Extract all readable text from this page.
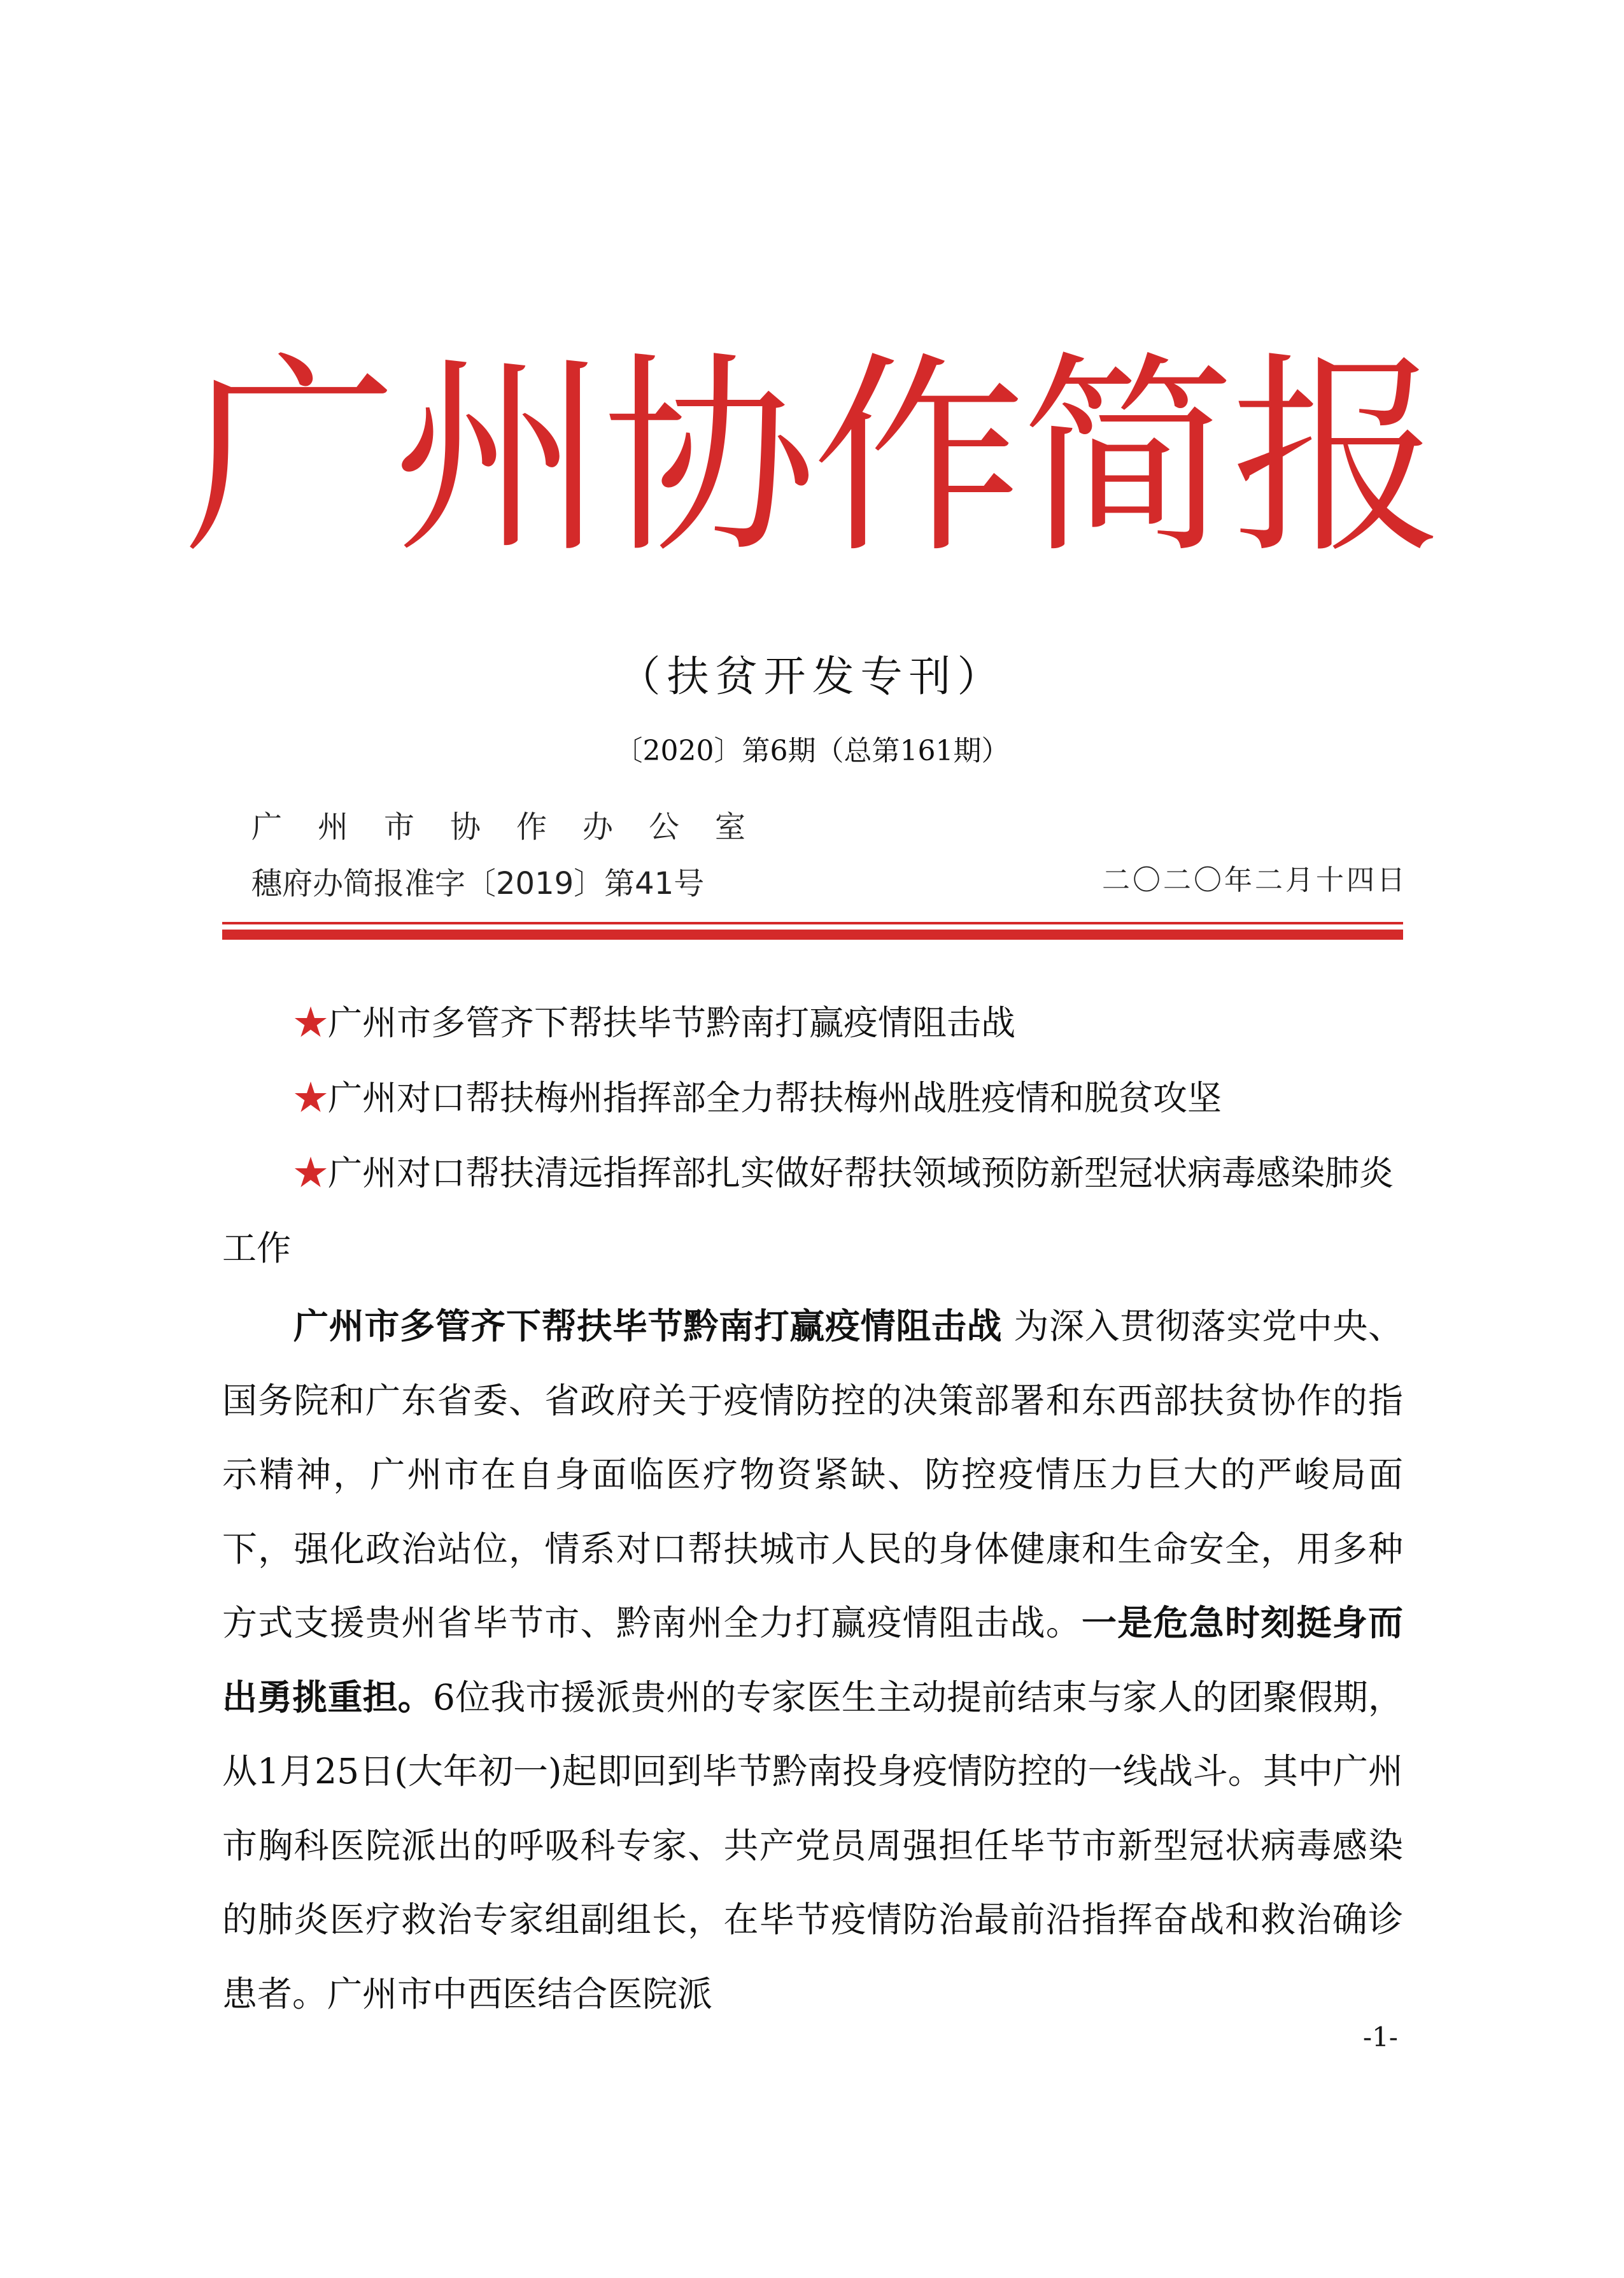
广州协作简报
（扶贫开发专刊）
〔2020〕第6期（总第161期）
广州市协作办公室
穗府办简报准字〔2019〕第41号	二〇二〇年二月十四日

★广州市多管齐下帮扶毕节黔南打赢疫情阻击战

★广州对口帮扶梅州指挥部全力帮扶梅州战胜疫情和脱贫攻坚

★广州对口帮扶清远指挥部扎实做好帮扶领域预防新型冠状病毒感染肺炎工作

广州市多管齐下帮扶毕节黔南打赢疫情阻击战 为深入贯彻落实党中央、国务院和广东省委、省政府关于疫情防控的决策部署和东西部扶贫协作的指示精神，广州市在自身面临医疗物资紧缺、防控疫情压力巨大的严峻局面下，强化政治站位，情系对口帮扶城市人民的身体健康和生命安全，用多种方式支援贵州省毕节市、黔南州全力打赢疫情阻击战。一是危急时刻挺身而出勇挑重担。6位我市援派贵州的专家医生主动提前结束与家人的团聚假期，从1月25日(大年初一)起即回到毕节黔南投身疫情防控的一线战斗。其中广州市胸科医院派出的呼吸科专家、共产党员周强担任毕节市新型冠状病毒感染的肺炎医疗救治专家组副组长，在毕节疫情防治最前沿指挥奋战和救治确诊患者。广州市中西医结合医院派

-1-
